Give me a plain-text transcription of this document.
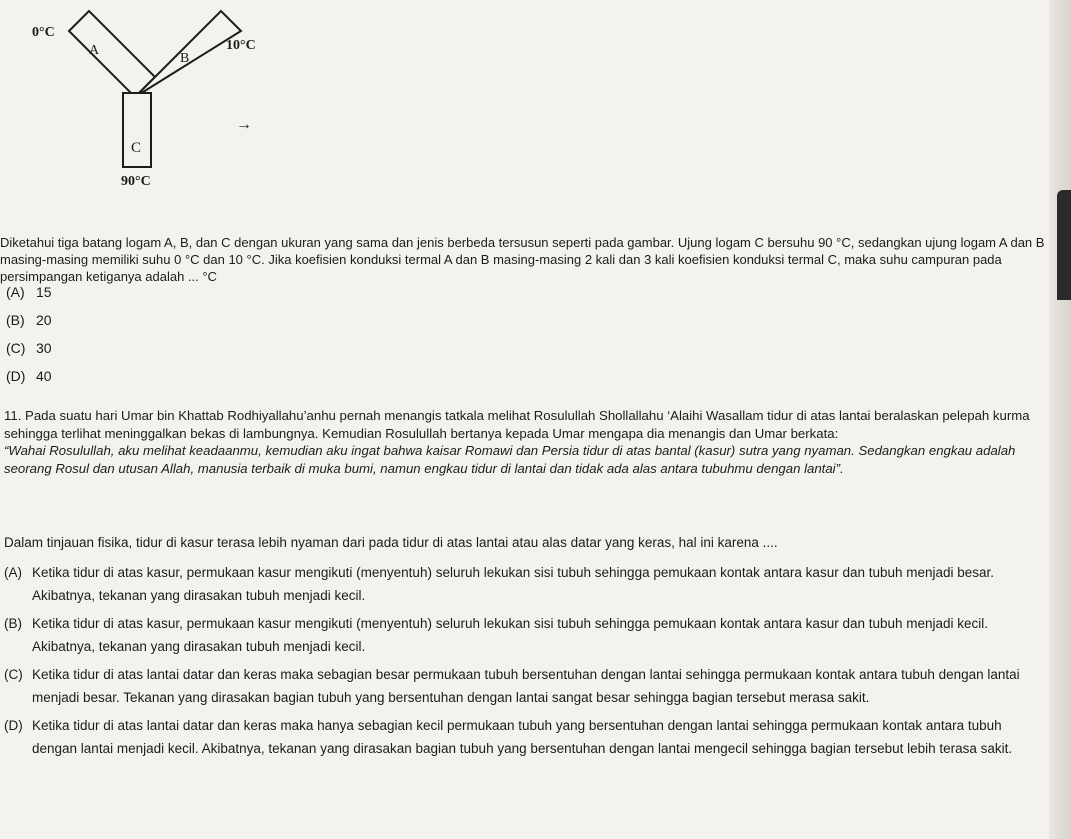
0°C
A
B
10°C
C
90°C
→

Diketahui tiga batang logam A, B, dan C dengan ukuran yang sama dan jenis berbeda tersusun seperti pada gambar. Ujung logam C bersuhu 90 °C, sedangkan ujung logam A dan B masing-masing memiliki suhu 0 °C dan 10 °C. Jika koefisien konduksi termal A dan B masing-masing 2 kali dan 3 kali koefisien konduksi termal C, maka suhu campuran pada persimpangan ketiganya adalah ... °C

(A) 15
(B) 20
(C) 30
(D) 40

11. Pada suatu hari Umar bin Khattab Rodhiyallahu’anhu pernah menangis tatkala melihat Rosulullah Shollallahu ‘Alaihi Wasallam tidur di atas lantai beralaskan pelepah kurma sehingga terlihat meninggalkan bekas di lambungnya. Kemudian Rosulullah bertanya kepada Umar mengapa dia menangis dan Umar berkata:

“Wahai Rosulullah, aku melihat keadaanmu, kemudian aku ingat bahwa kaisar Romawi dan Persia tidur di atas bantal (kasur) sutra yang nyaman. Sedangkan engkau adalah seorang Rosul dan utusan Allah, manusia terbaik di muka bumi, namun engkau tidur di lantai dan tidak ada alas antara tubuhmu dengan lantai”.

Dalam tinjauan fisika, tidur di kasur terasa lebih nyaman dari pada tidur di atas lantai atau alas datar yang keras, hal ini karena ....
(A) Ketika tidur di atas kasur, permukaan kasur mengikuti (menyentuh) seluruh lekukan sisi tubuh sehingga pemukaan kontak antara kasur dan tubuh menjadi besar. Akibatnya, tekanan yang dirasakan tubuh menjadi kecil.
(B) Ketika tidur di atas kasur, permukaan kasur mengikuti (menyentuh) seluruh lekukan sisi tubuh sehingga pemukaan kontak antara kasur dan tubuh menjadi kecil. Akibatnya, tekanan yang dirasakan tubuh menjadi kecil.
(C) Ketika tidur di atas lantai datar dan keras maka sebagian besar permukaan tubuh bersentuhan dengan lantai sehingga permukaan kontak antara tubuh dengan lantai menjadi besar. Tekanan yang dirasakan bagian tubuh yang bersentuhan dengan lantai sangat besar sehingga bagian tersebut merasa sakit.
(D) Ketika tidur di atas lantai datar dan keras maka hanya sebagian kecil permukaan tubuh yang bersentuhan dengan lantai sehingga permukaan kontak antara tubuh dengan lantai menjadi kecil. Akibatnya, tekanan yang dirasakan bagian tubuh yang bersentuhan dengan lantai mengecil sehingga bagian tersebut lebih terasa sakit.
